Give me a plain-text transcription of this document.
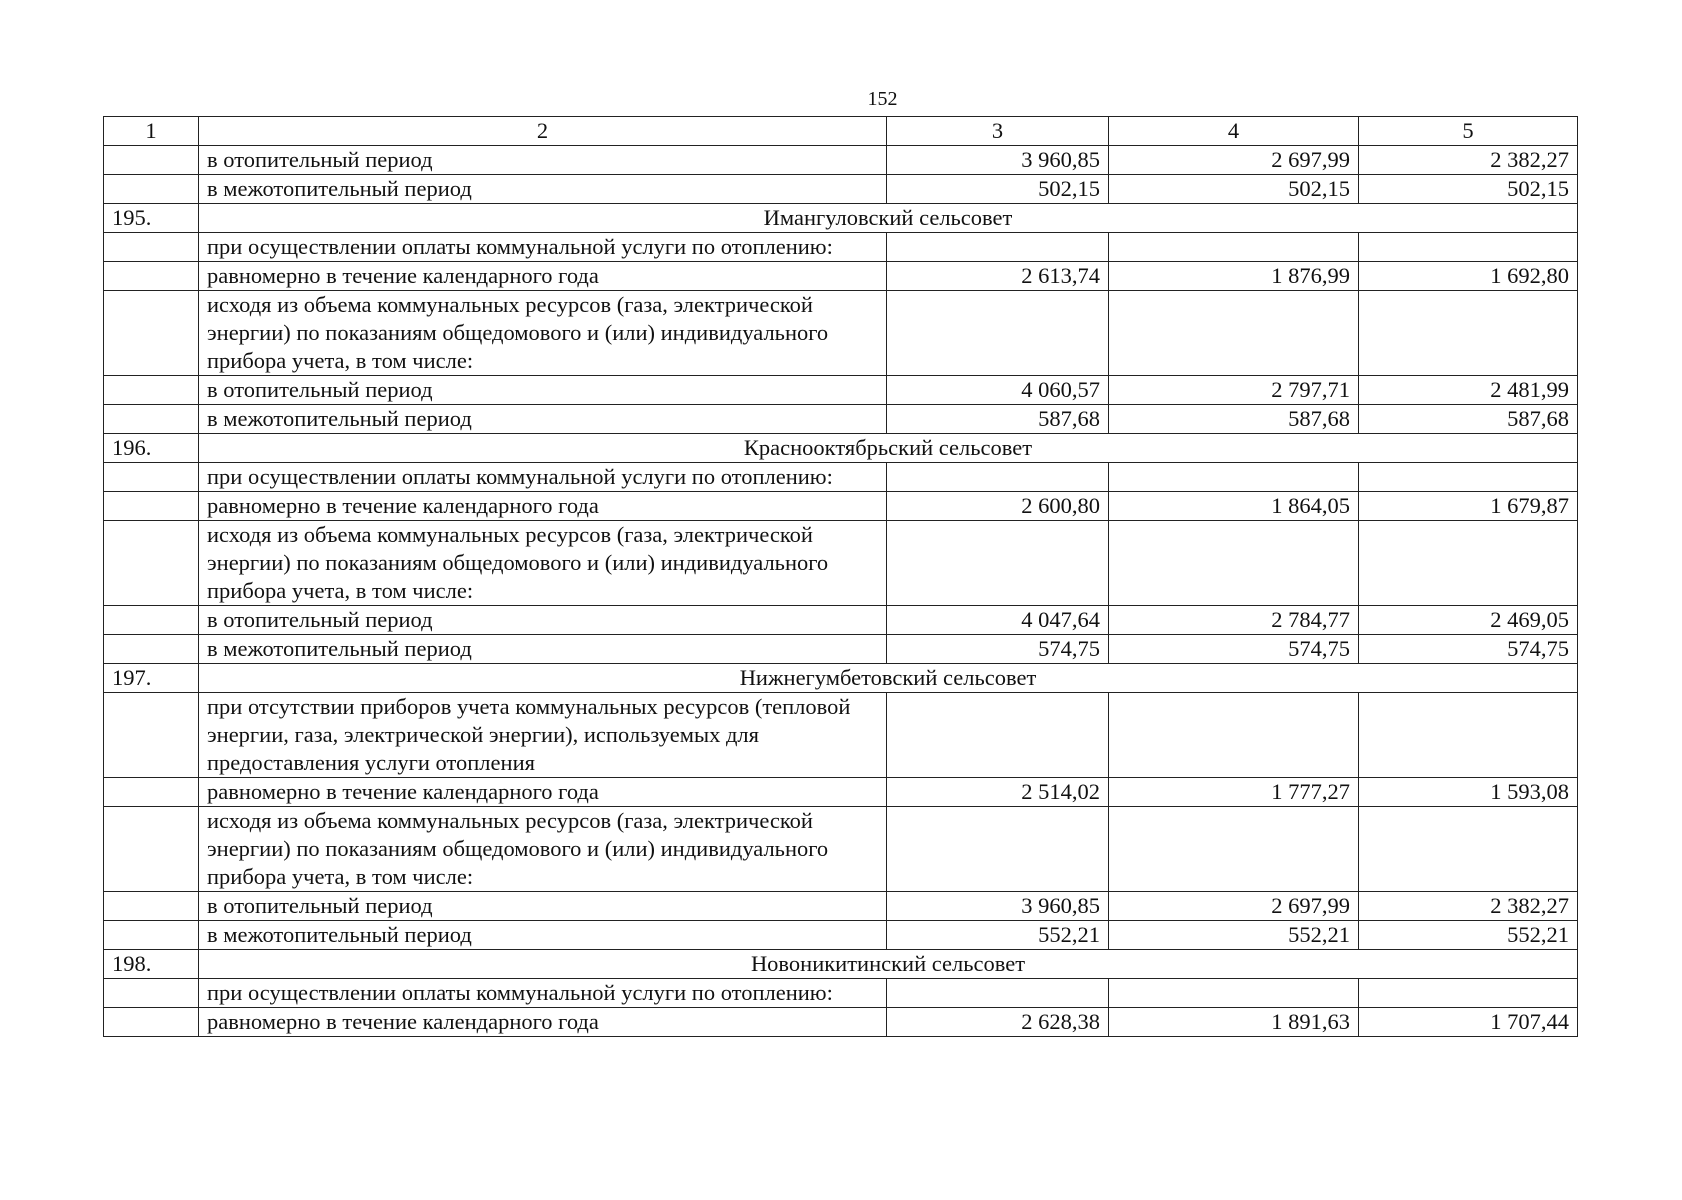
152
1	2	3	4	5
	в отопительный период	3 960,85	2 697,99	2 382,27
	в межотопительный период	502,15	502,15	502,15
195.	Имангуловский сельсовет			
	при осуществлении оплаты коммунальной услуги по отоплению:			
	равномерно в течение календарного года	2 613,74	1 876,99	1 692,80
	исходя из объема коммунальных ресурсов (газа, электрической энергии) по показаниям общедомового и (или) индивидуального прибора учета, в том числе:			
	в отопительный период	4 060,57	2 797,71	2 481,99
	в межотопительный период	587,68	587,68	587,68
196.	Краснооктябрьский сельсовет			
	при осуществлении оплаты коммунальной услуги по отоплению:			
	равномерно в течение календарного года	2 600,80	1 864,05	1 679,87
	исходя из объема коммунальных ресурсов (газа, электрической энергии) по показаниям общедомового и (или) индивидуального прибора учета, в том числе:			
	в отопительный период	4 047,64	2 784,77	2 469,05
	в межотопительный период	574,75	574,75	574,75
197.	Нижнегумбетовский сельсовет			
	при отсутствии приборов учета коммунальных ресурсов (тепловой энергии, газа, электрической энергии), используемых для предоставления услуги отопления			
	равномерно в течение календарного года	2 514,02	1 777,27	1 593,08
	исходя из объема коммунальных ресурсов (газа, электрической энергии) по показаниям общедомового и (или) индивидуального прибора учета, в том числе:			
	в отопительный период	3 960,85	2 697,99	2 382,27
	в межотопительный период	552,21	552,21	552,21
198.	Новоникитинский сельсовет			
	при осуществлении оплаты коммунальной услуги по отоплению:			
	равномерно в течение календарного года	2 628,38	1 891,63	1 707,44
